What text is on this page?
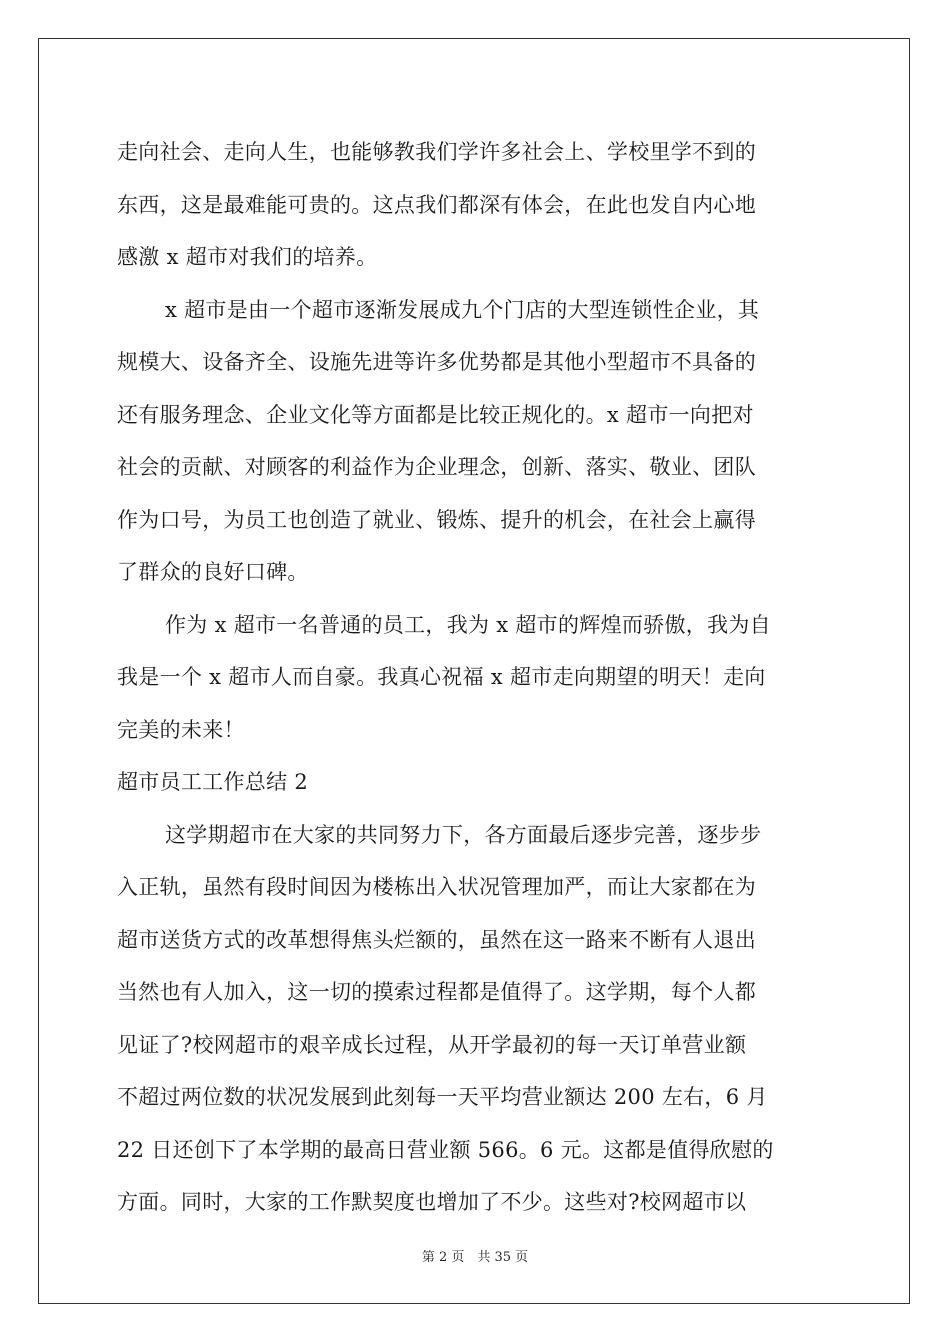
走向社会、走向人生，也能够教我们学许多社会上、学校里学不到的
东西，这是最难能可贵的。这点我们都深有体会，在此也发自内心地
感激 x 超市对我们的培养。
x 超市是由一个超市逐渐发展成九个门店的大型连锁性企业，其
规模大、设备齐全、设施先进等许多优势都是其他小型超市不具备的
还有服务理念、企业文化等方面都是比较正规化的。x 超市一向把对
社会的贡献、对顾客的利益作为企业理念，创新、落实、敬业、团队
作为口号，为员工也创造了就业、锻炼、提升的机会，在社会上赢得
了群众的良好口碑。
作为 x 超市一名普通的员工，我为 x 超市的辉煌而骄傲，我为自
我是一个 x 超市人而自豪。我真心祝福 x 超市走向期望的明天！走向
完美的未来！
超市员工工作总结 2
这学期超市在大家的共同努力下，各方面最后逐步完善，逐步步
入正轨，虽然有段时间因为楼栋出入状况管理加严，而让大家都在为
超市送货方式的改革想得焦头烂额的，虽然在这一路来不断有人退出
当然也有人加入，这一切的摸索过程都是值得了。这学期，每个人都
见证了?校网超市的艰辛成长过程，从开学最初的每一天订单营业额
不超过两位数的状况发展到此刻每一天平均营业额达 200 左右，6 月
22 日还创下了本学期的最高日营业额 566。6 元。这都是值得欣慰的
方面。同时，大家的工作默契度也增加了不少。这些对?校网超市以
第 2 页　共 35 页
